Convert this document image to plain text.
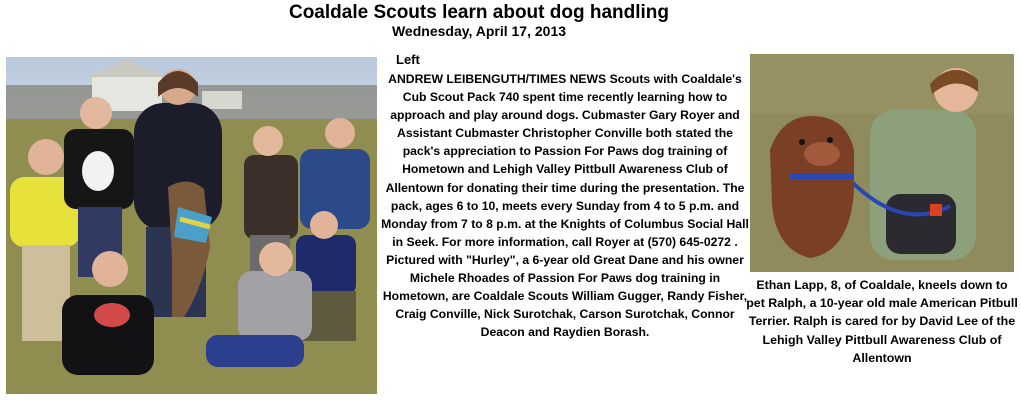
Coaldale Scouts learn about dog handling
Wednesday, April 17, 2013
Left
ANDREW LEIBENGUTH/TIMES NEWS Scouts with Coaldale's Cub Scout Pack 740 spent time recently learning how to approach and play around dogs. Cubmaster Gary Royer and Assistant Cubmaster Christopher Conville both stated the pack's appreciation to Passion For Paws dog training of Hometown and Lehigh Valley Pittbull Awareness Club of Allentown for donating their time during the presentation. The pack, ages 6 to 10, meets every Sunday from 4 to 5 p.m. and Monday from 7 to 8 p.m. at the Knights of Columbus Social Hall in Seek. For more information, call Royer at (570) 645-0272 . Pictured with "Hurley", a 6-year old Great Dane and his owner Michele Rhoades of Passion For Paws dog training in Hometown, are Coaldale Scouts William Gugger, Randy Fisher, Craig Conville, Nick Surotchak, Carson Surotchak, Connor Deacon and Raydien Borash.
Ethan Lapp, 8, of Coaldale, kneels down to pet Ralph, a 10-year old male American Pitbull Terrier. Ralph is cared for by David Lee of the Lehigh Valley Pittbull Awareness Club of Allentown
